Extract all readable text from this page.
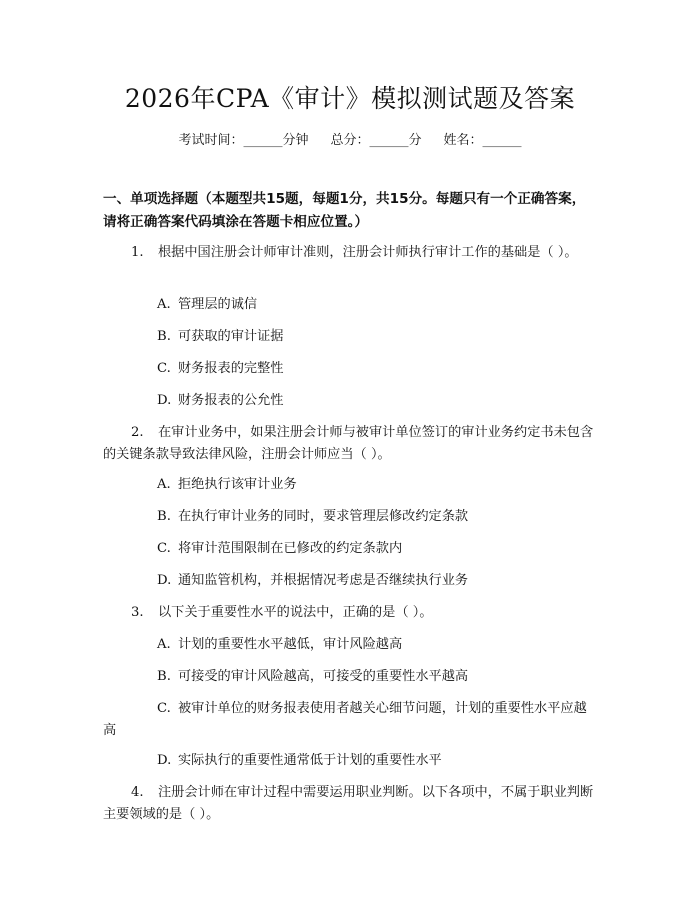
2026年CPA《审计》模拟测试题及答案
考试时间：______分钟 总分：______分 姓名：______
一、单项选择题（本题型共15题，每题1分，共15分。每题只有一个正确答案，请将正确答案代码填涂在答题卡相应位置。）
1. 根据中国注册会计师审计准则，注册会计师执行审计工作的基础是（ ）。
A. 管理层的诚信
B. 可获取的审计证据
C. 财务报表的完整性
D. 财务报表的公允性
2. 在审计业务中，如果注册会计师与被审计单位签订的审计业务约定书未包含的关键条款导致法律风险，注册会计师应当（ ）。
A. 拒绝执行该审计业务
B. 在执行审计业务的同时，要求管理层修改约定条款
C. 将审计范围限制在已修改的约定条款内
D. 通知监管机构，并根据情况考虑是否继续执行业务
3. 以下关于重要性水平的说法中，正确的是（ ）。
A. 计划的重要性水平越低，审计风险越高
B. 可接受的审计风险越高，可接受的重要性水平越高
C. 被审计单位的财务报表使用者越关心细节问题，计划的重要性水平应越高
D. 实际执行的重要性通常低于计划的重要性水平
4. 注册会计师在审计过程中需要运用职业判断。以下各项中，不属于职业判断主要领域的是（ ）。
